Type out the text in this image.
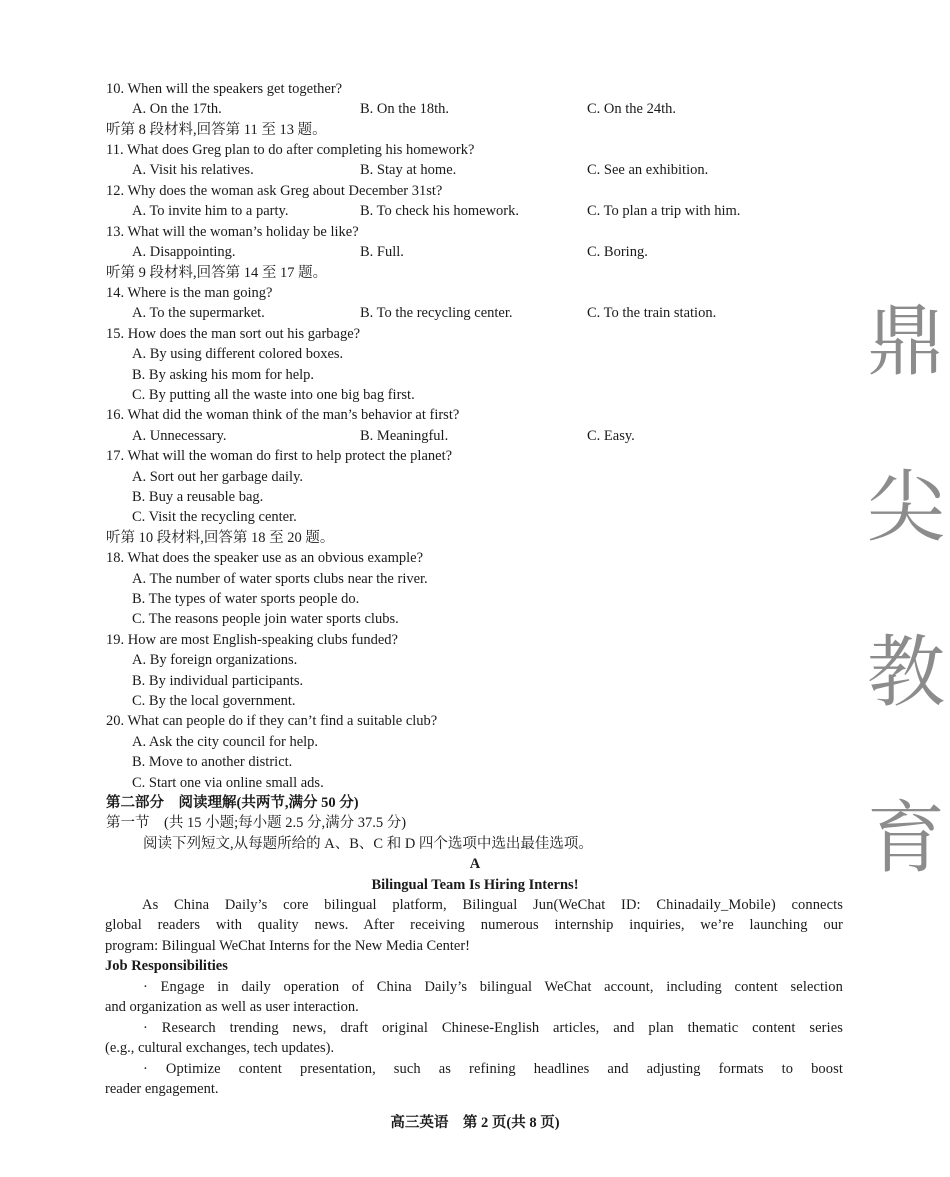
鼎
尖
教
育
10. When will the speakers get together?
A. On the 17th.	B. On the 18th.	C. On the 24th.
听第 8 段材料,回答第 11 至 13 题。
11. What does Greg plan to do after completing his homework?
A. Visit his relatives.	B. Stay at home.	C. See an exhibition.
12. Why does the woman ask Greg about December 31st?
A. To invite him to a party.	B. To check his homework.	C. To plan a trip with him.
13. What will the woman’s holiday be like?
A. Disappointing.	B. Full.	C. Boring.
听第 9 段材料,回答第 14 至 17 题。
14. Where is the man going?
A. To the supermarket.	B. To the recycling center.	C. To the train station.
15. How does the man sort out his garbage?
A. By using different colored boxes.
B. By asking his mom for help.
C. By putting all the waste into one big bag first.
16. What did the woman think of the man’s behavior at first?
A. Unnecessary.	B. Meaningful.	C. Easy.
17. What will the woman do first to help protect the planet?
A. Sort out her garbage daily.
B. Buy a reusable bag.
C. Visit the recycling center.
听第 10 段材料,回答第 18 至 20 题。
18. What does the speaker use as an obvious example?
A. The number of water sports clubs near the river.
B. The types of water sports people do.
C. The reasons people join water sports clubs.
19. How are most English-speaking clubs funded?
A. By foreign organizations.
B. By individual participants.
C. By the local government.
20. What can people do if they can’t find a suitable club?
A. Ask the city council for help.
B. Move to another district.
C. Start one via online small ads.
第二部分　阅读理解(共两节,满分 50 分)
第一节　(共 15 小题;每小题 2.5 分,满分 37.5 分)
阅读下列短文,从每题所给的 A、B、C 和 D 四个选项中选出最佳选项。
A
Bilingual Team Is Hiring Interns!
As China Daily’s core bilingual platform, Bilingual Jun(WeChat ID: Chinadaily_Mobile) connects
global readers with quality news. After receiving numerous internship inquiries, we’re launching our
program: Bilingual WeChat Interns for the New Media Center!
Job Responsibilities
· Engage in daily operation of China Daily’s bilingual WeChat account, including content selection
and organization as well as user interaction.
· Research trending news, draft original Chinese-English articles, and plan thematic content series
(e.g., cultural exchanges, tech updates).
· Optimize content presentation, such as refining headlines and adjusting formats to boost
reader engagement.
高三英语　第 2 页(共 8 页)
